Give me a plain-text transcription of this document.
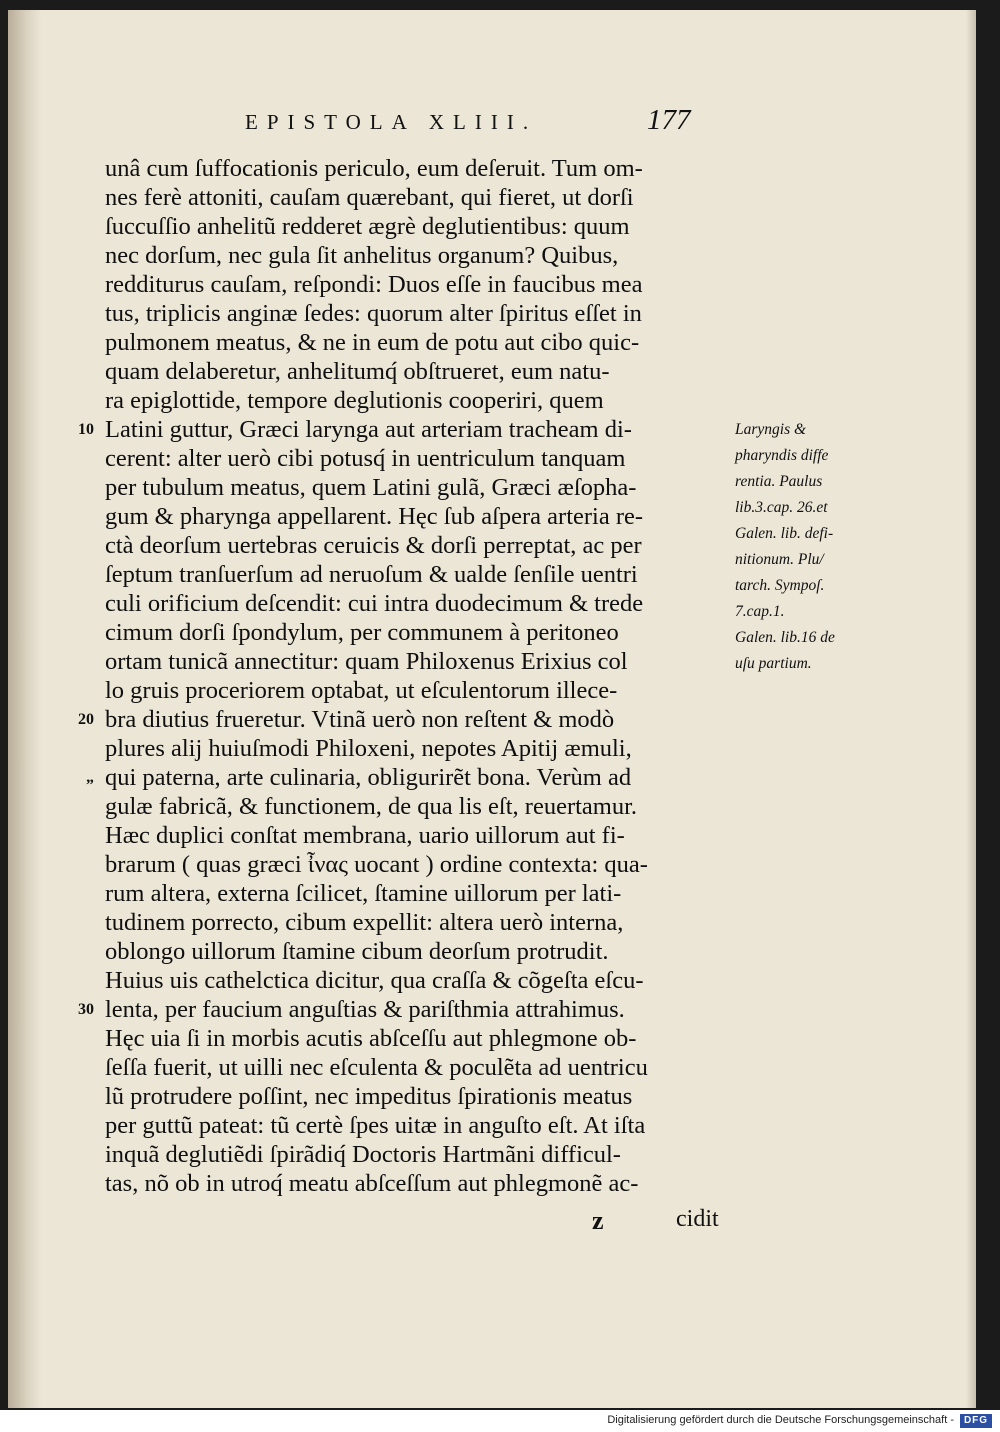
EPISTOLA XLIII.	177
unâ cum ſuffocationis periculo, eum deſeruit. Tum om-
nes ferè attoniti, cauſam quærebant, qui fieret, ut dorſi
ſuccuſſio anhelitũ redderet ægrè deglutientibus: quum
nec dorſum, nec gula ſit anhelitus organum? Quibus,
redditurus cauſam, reſpondi: Duos eſſe in faucibus mea
tus, triplicis anginæ ſedes: quorum alter ſpiritus eſſet in
pulmonem meatus, & ne in eum de potu aut cibo quic-
quam delaberetur, anhelitumq́ obſtrueret, eum natu-
ra epiglottide, tempore deglutionis cooperiri, quem
Latini guttur, Græci larynga aut arteriam tracheam di-
cerent: alter uerò cibi potusq́ in uentriculum tanquam
per tubulum meatus, quem Latini gulã, Græci æſopha-
gum & pharynga appellarent. Hęc ſub aſpera arteria re-
ctà deorſum uertebras ceruicis & dorſi perreptat, ac per
ſeptum tranſuerſum ad neruoſum & ualde ſenſile uentri
culi orificium deſcendit: cui intra duodecimum & trede
cimum dorſi ſpondylum, per communem à peritoneo
ortam tunicã annectitur: quam Philoxenus Erixius col
lo gruis proceriorem optabat, ut eſculentorum illece-
bra diutius frueretur. Vtinã uerò non reſtent & modò
plures alij huiuſmodi Philoxeni, nepotes Apitij æmuli,
qui paterna, arte culinaria, obligurirẽt bona. Verùm ad
gulæ fabricã, & functionem, de qua lis eſt, reuertamur.
Hæc duplici conſtat membrana, uario uillorum aut fi-
brarum ( quas græci ἶνας uocant ) ordine contexta: qua-
rum altera, externa ſcilicet, ſtamine uillorum per lati-
tudinem porrecto, cibum expellit: altera uerò interna,
oblongo uillorum ſtamine cibum deorſum protrudit.
Huius uis cathelctica dicitur, qua craſſa & cõgeſta eſcu-
lenta, per faucium anguſtias & pariſthmia attrahimus.
Hęc uia ſi in morbis acutis abſceſſu aut phlegmone ob-
ſeſſa fuerit, ut uilli nec eſculenta & poculẽta ad uentricu
lũ protrudere poſſint, nec impeditus ſpirationis meatus
per guttũ pateat: tũ certè ſpes uitæ in anguſto eſt. At iſta
inquã deglutiẽdi ſpirãdiq́ Doctoris Hartmãni difficul-
tas, nõ ob in utroq́ meatu abſceſſum aut phlegmonẽ ac-
10
20
„
30
Laryngis &
pharyndis diffe
rentia. Paulus
lib.3.cap. 26.et
Galen. lib. defi-
nitionum. Plu/
tarch. Sympoſ.
7.cap.1.
Galen. lib.16 de
uſu partium.
z	cidit
Digitalisierung gefördert durch die Deutsche Forschungsgemeinschaft - DFG
